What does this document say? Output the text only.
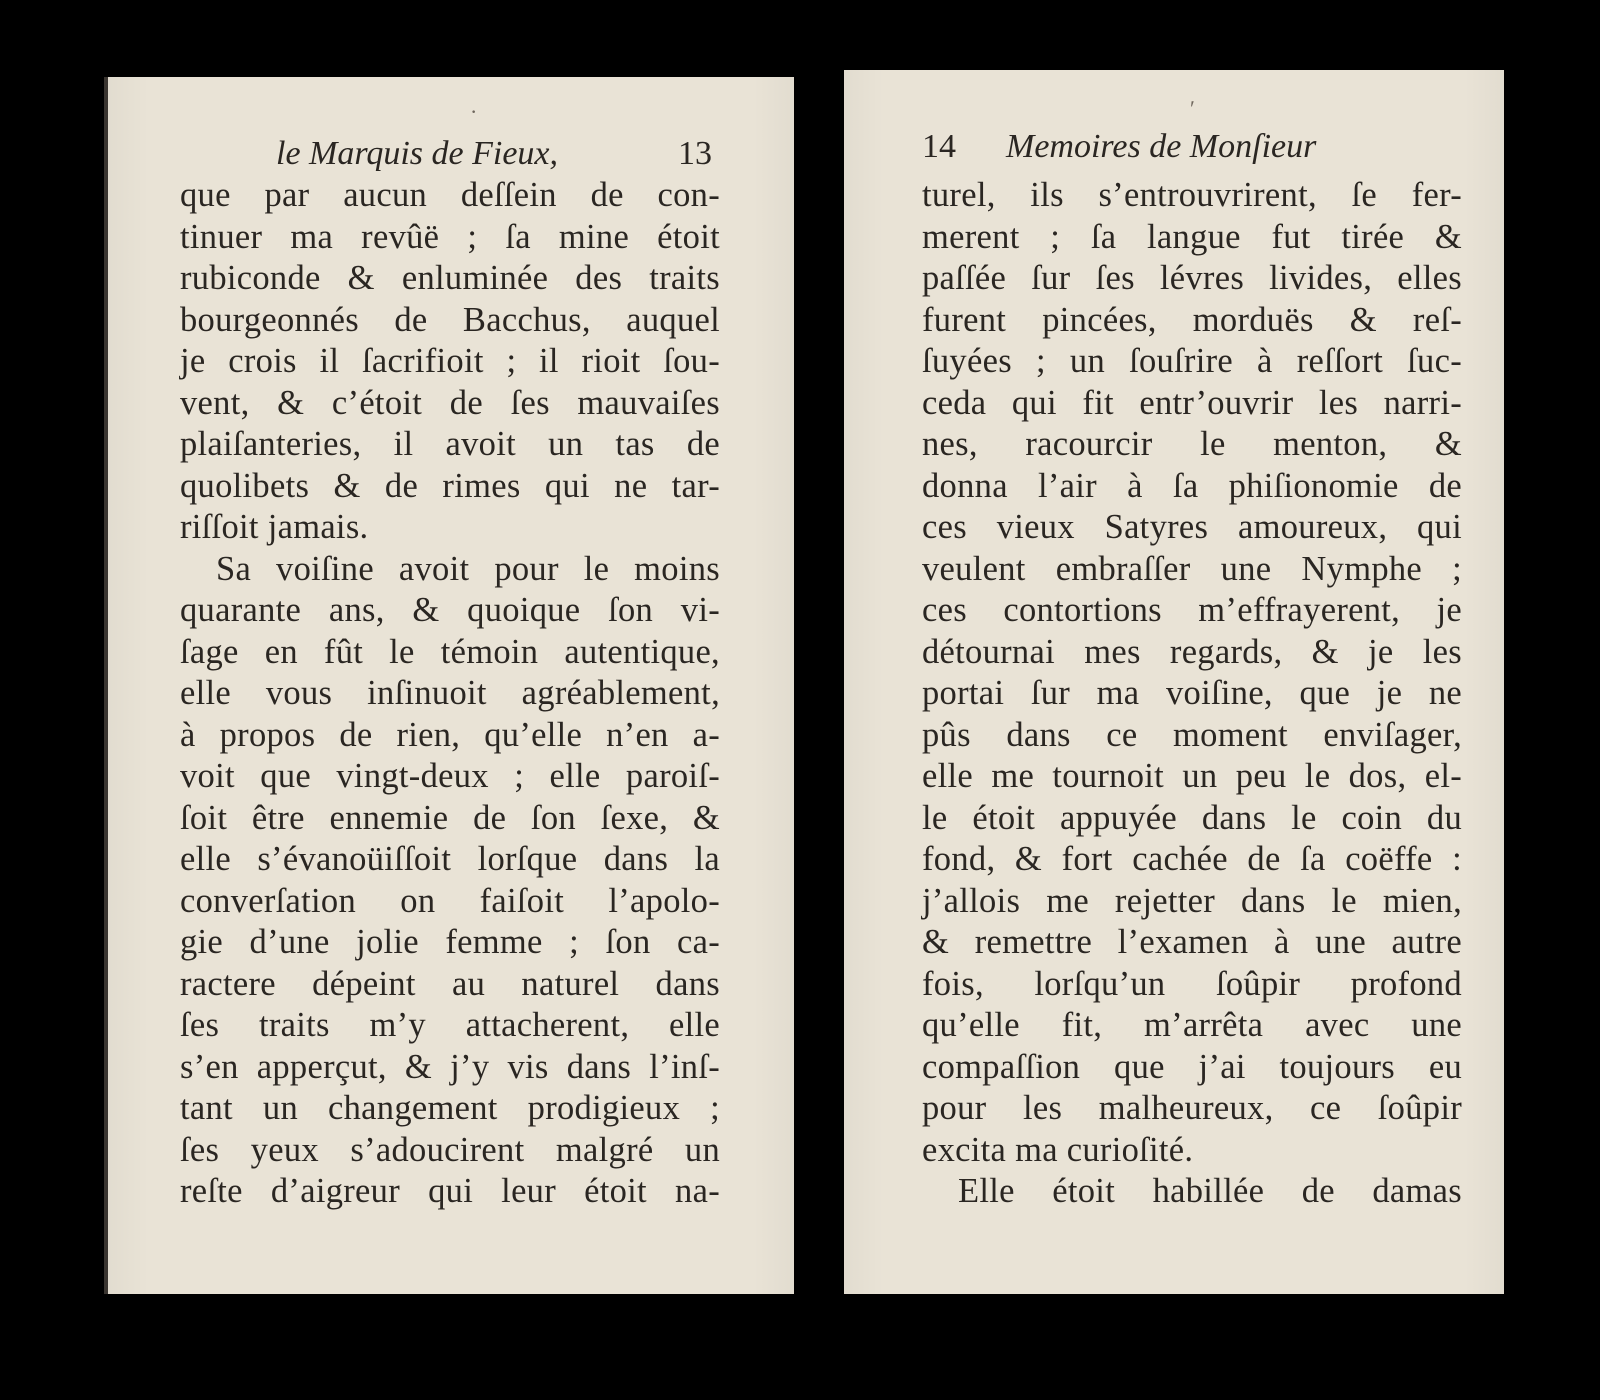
le Marquis de Fieux,	13
·
que par aucun deſſein de con-
tinuer ma revûë ; ſa mine étoit
rubiconde & enluminée des traits
bourgeonnés de Bacchus, auquel
je crois il ſacrifioit ; il rioit ſou-
vent, & c’étoit de ſes mauvaiſes
plaiſanteries, il avoit un tas de
quolibets & de rimes qui ne tar-
riſſoit jamais.
Sa voiſine avoit pour le moins
quarante ans, & quoique ſon vi-
ſage en fût le témoin autentique,
elle vous inſinuoit agréablement,
à propos de rien, qu’elle n’en a-
voit que vingt-deux ; elle paroiſ-
ſoit être ennemie de ſon ſexe, &
elle s’évanoüiſſoit lorſque dans la
converſation on faiſoit l’apolo-
gie d’une jolie femme ; ſon ca-
ractere dépeint au naturel dans
ſes traits m’y attacherent, elle
s’en apperçut, & j’y vis dans l’inſ-
tant un changement prodigieux ;
ſes yeux s’adoucirent malgré un
reſte d’aigreur qui leur étoit na-
14 Memoires de Monſieur
ʹ
turel, ils s’entrouvrirent, ſe fer-
merent ; ſa langue fut tirée &
paſſée ſur ſes lévres livides, elles
furent pincées, morduës & reſ-
ſuyées ; un ſouſrire à reſſort ſuc-
ceda qui fit entr’ouvrir les narri-
nes, racourcir le menton, &
donna l’air à ſa phiſionomie de
ces vieux Satyres amoureux, qui
veulent embraſſer une Nymphe ;
ces contortions m’effrayerent, je
détournai mes regards, & je les
portai ſur ma voiſine, que je ne
pûs dans ce moment enviſager,
elle me tournoit un peu le dos, el-
le étoit appuyée dans le coin du
fond, & fort cachée de ſa coëffe :
j’allois me rejetter dans le mien,
& remettre l’examen à une autre
fois, lorſqu’un ſoûpir profond
qu’elle fit, m’arrêta avec une
compaſſion que j’ai toujours eu
pour les malheureux, ce ſoûpir
excita ma curioſité.
Elle étoit habillée de damas
